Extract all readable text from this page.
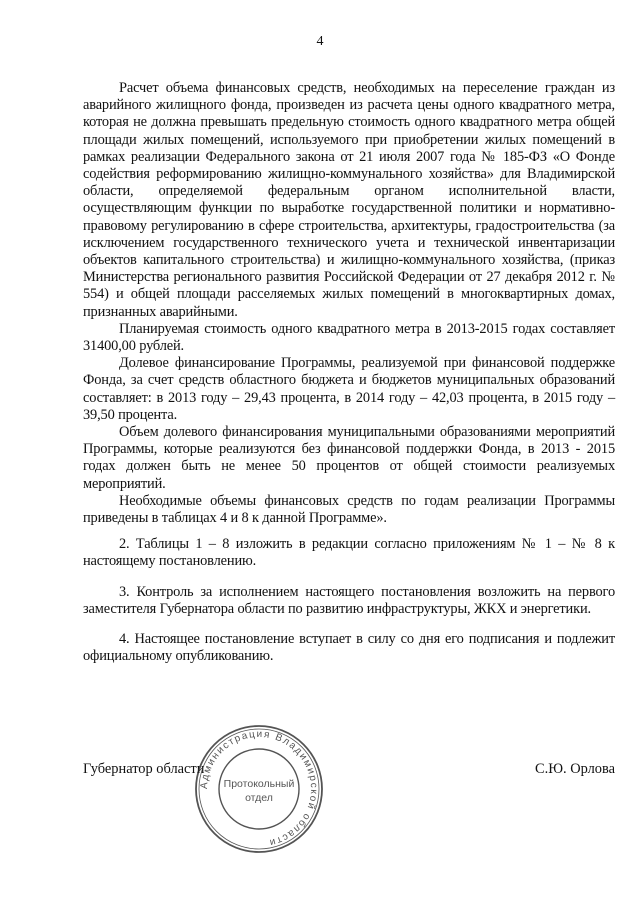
4

Расчет объема финансовых средств, необходимых на переселение граждан из аварийного жилищного фонда, произведен из расчета цены одного квадратного метра, которая не должна превышать предельную стоимость одного квадратного метра общей площади жилых помещений, используемого при приобретении жилых помещений в рамках реализации Федерального закона от 21 июля 2007 года № 185-ФЗ «О Фонде содействия реформированию жилищно-коммунального хозяйства» для Владимирской области, определяемой федеральным органом исполнительной власти, осуществляющим функции по выработке государственной политики и нормативно-правовому регулированию в сфере строительства, архитектуры, градостроительства (за исключением государственного технического учета и технической инвентаризации объектов капитального строительства) и жилищно-коммунального хозяйства, (приказ Министерства регионального развития Российской Федерации от 27 декабря 2012 г. № 554) и общей площади расселяемых жилых помещений в многоквартирных домах, признанных аварийными.

Планируемая стоимость одного квадратного метра в 2013-2015 годах составляет 31400,00 рублей.

Долевое финансирование Программы, реализуемой при финансовой поддержке Фонда, за счет средств областного бюджета и бюджетов муниципальных образований составляет: в 2013 году – 29,43 процента, в 2014 году – 42,03 процента, в 2015 году – 39,50 процента.

Объем долевого финансирования муниципальными образованиями мероприятий Программы, которые реализуются без финансовой поддержки Фонда, в 2013 - 2015 годах должен быть не менее 50 процентов от общей стоимости реализуемых мероприятий.

Необходимые объемы финансовых средств по годам реализации Программы приведены в таблицах 4 и 8 к данной Программе».

2. Таблицы 1 – 8 изложить в редакции согласно приложениям № 1 – № 8 к настоящему постановлению.

3. Контроль за исполнением настоящего постановления возложить на первого заместителя Губернатора области по развитию инфраструктуры, ЖКХ и энергетики.

4. Настоящее постановление вступает в силу со дня его подписания и подлежит официальному опубликованию.

Губернатор области	С.Ю. Орлова
Администрация Владимирской области
Протокольный
отдел
